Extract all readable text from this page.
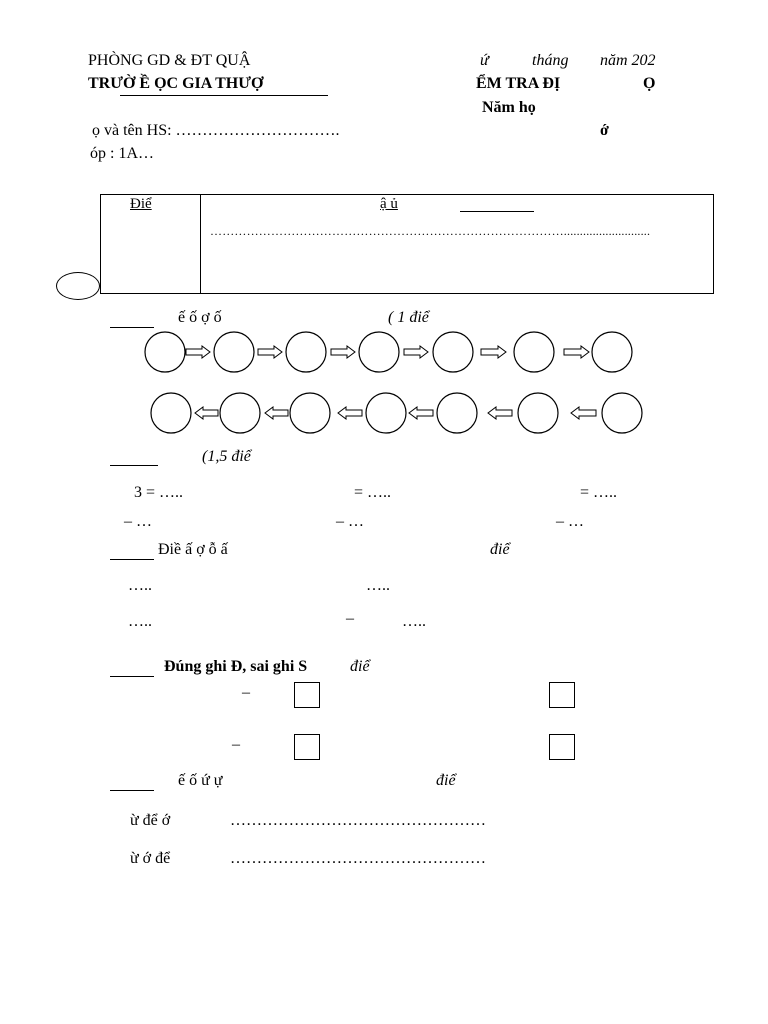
PHÒNG GD & ĐT QUẬ	ứ	tháng năm 202
TRƯỜ Ề ỌC GIA THƯỢ	ỂM TRA ĐỊ	Ọ
Năm họ
ọ và tên HS: ………………………….	ớ
óp : 1A…
Điể	ậ ủ
……………………………………………………………………………...........................
ế ố ợ ố	( 1 điể
(1,5 điể
3 = …..	= …..	= …..
– …	– …	– …
Điề ấ ợ ỗ ấ	điể
…..	…..
…..	–	…..
Đúng ghi Đ, sai ghi S	điể
–
–
ế ố ứ ự	điể
ừ để ớ	…………………………………………
ừ ớ để	…………………………………………
